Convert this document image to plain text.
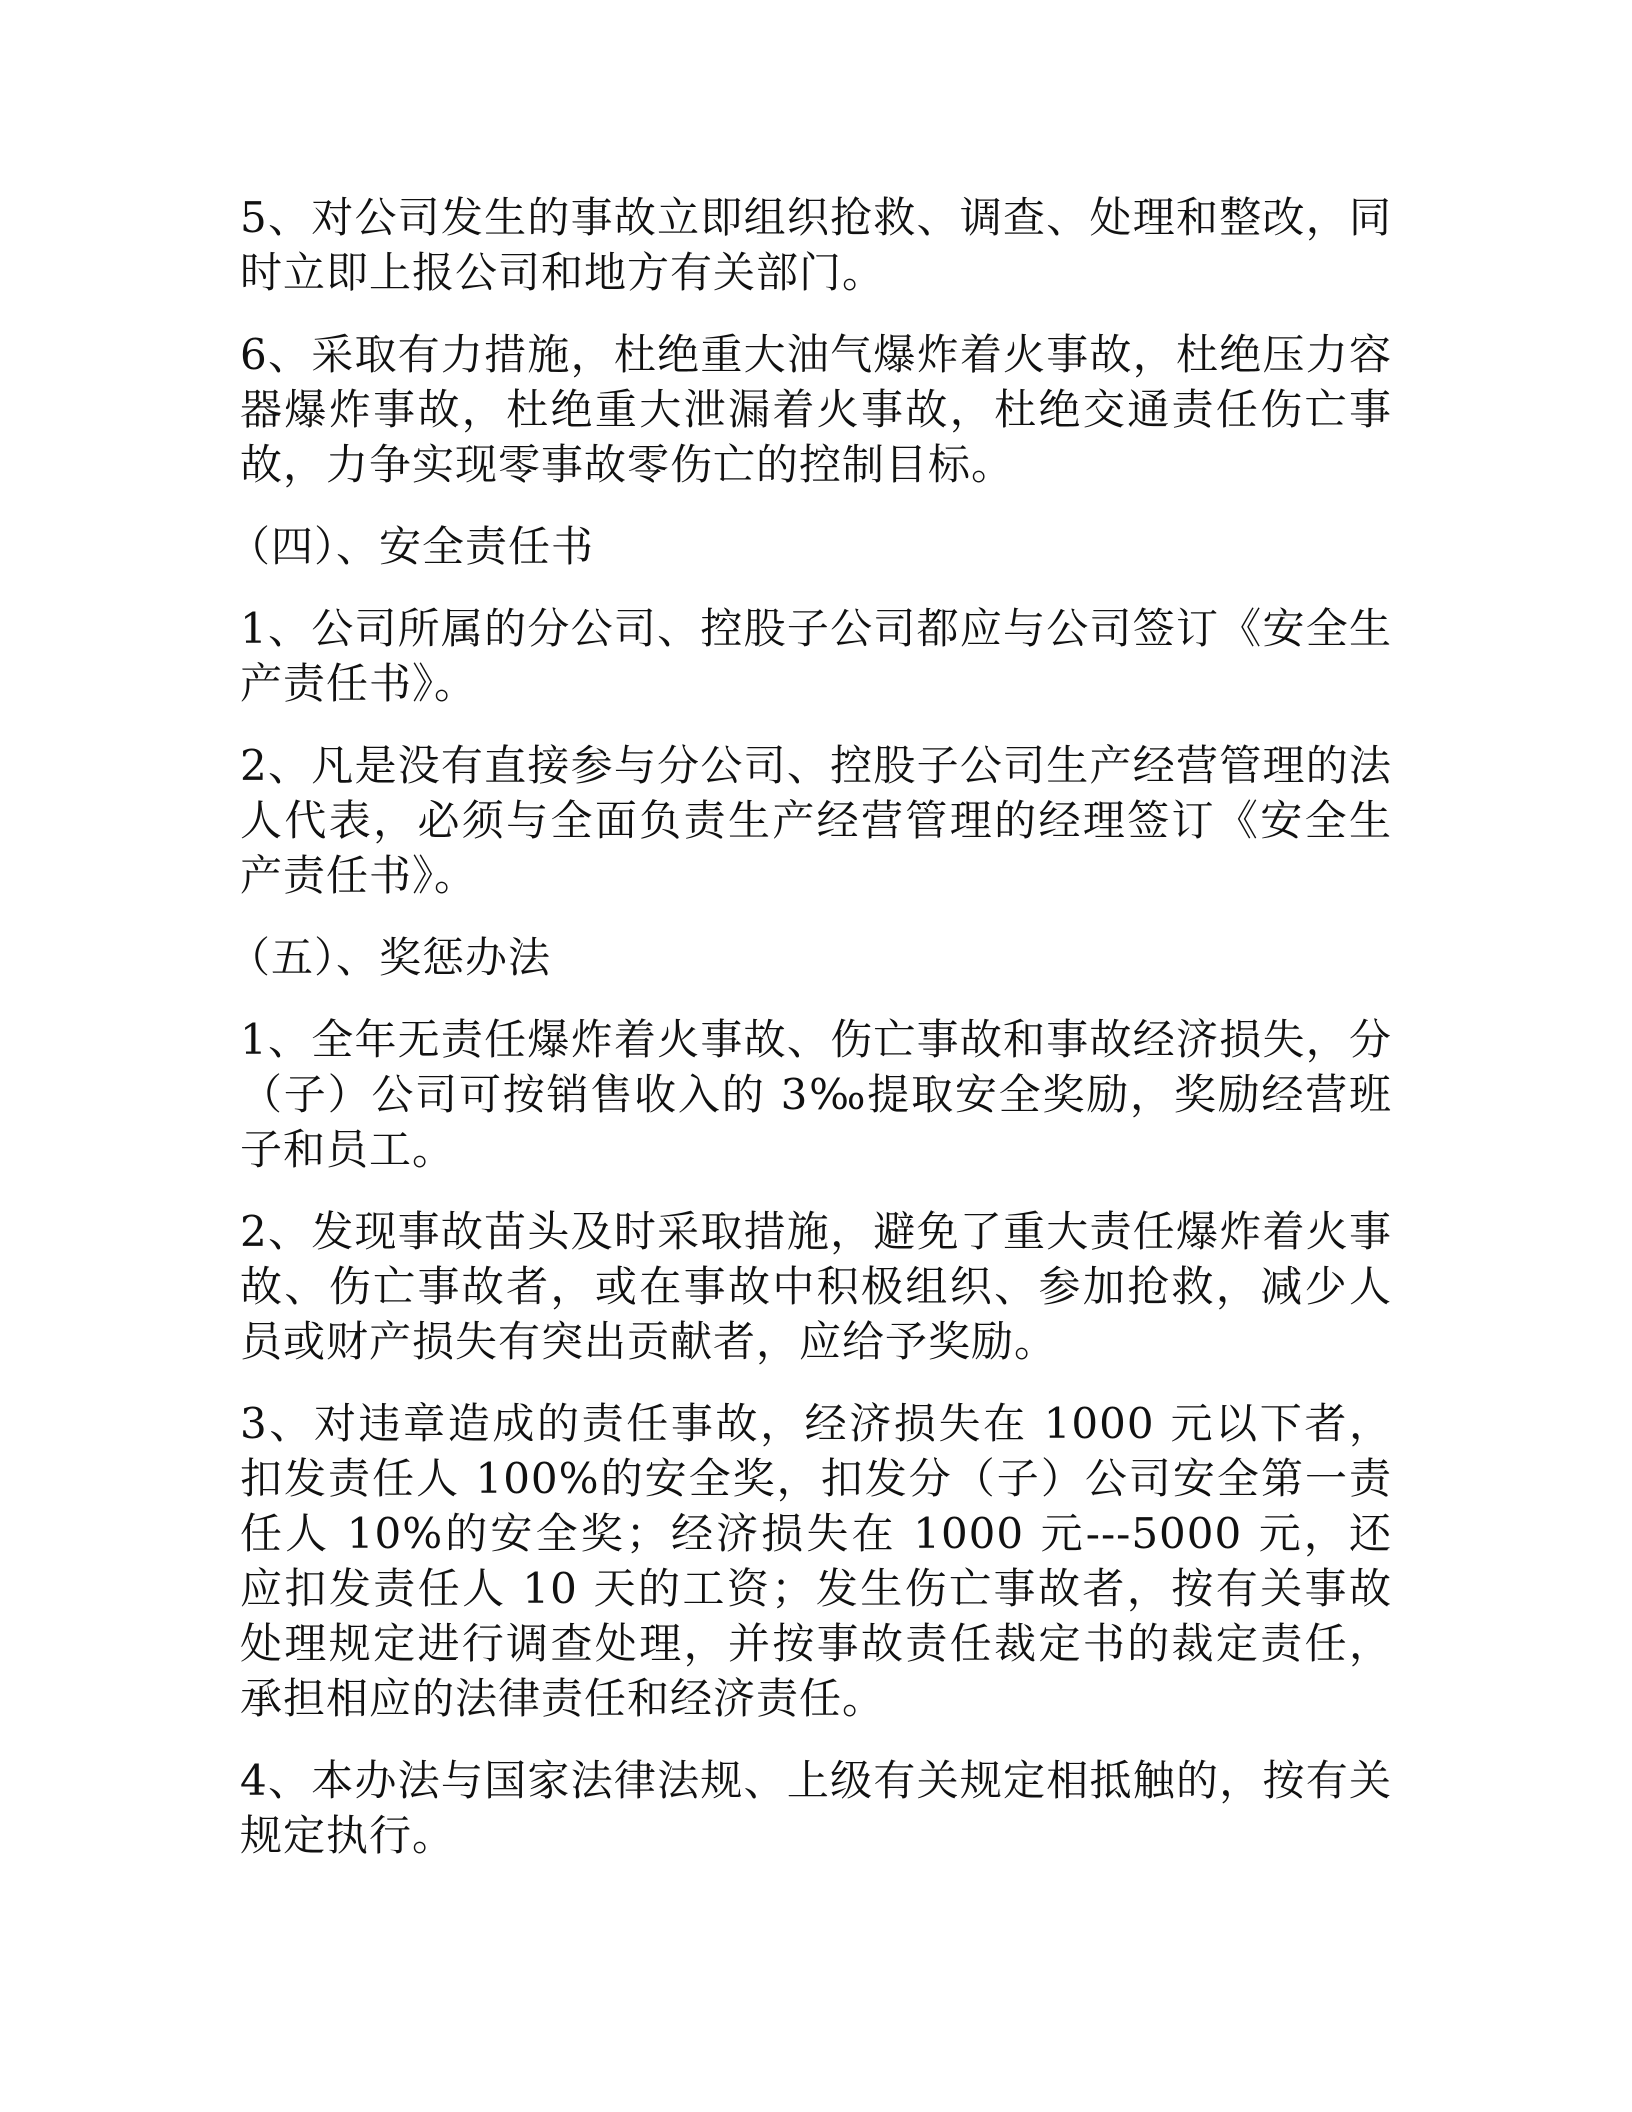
5、对公司发生的事故立即组织抢救、调查、处理和整改，同时立即上报公司和地方有关部门。

6、采取有力措施，杜绝重大油气爆炸着火事故，杜绝压力容器爆炸事故，杜绝重大泄漏着火事故，杜绝交通责任伤亡事故，力争实现零事故零伤亡的控制目标。

（四）、安全责任书

1、公司所属的分公司、控股子公司都应与公司签订《安全生产责任书》。

2、凡是没有直接参与分公司、控股子公司生产经营管理的法人代表，必须与全面负责生产经营管理的经理签订《安全生产责任书》。

（五）、奖惩办法

1、全年无责任爆炸着火事故、伤亡事故和事故经济损失，分（子）公司可按销售收入的 3‰提取安全奖励，奖励经营班子和员工。

2、发现事故苗头及时采取措施，避免了重大责任爆炸着火事故、伤亡事故者，或在事故中积极组织、参加抢救，减少人员或财产损失有突出贡献者，应给予奖励。

3、对违章造成的责任事故，经济损失在 1000 元以下者，扣发责任人 100%的安全奖，扣发分（子）公司安全第一责任人 10%的安全奖；经济损失在 1000 元---5000 元，还应扣发责任人 10 天的工资；发生伤亡事故者，按有关事故处理规定进行调查处理，并按事故责任裁定书的裁定责任，承担相应的法律责任和经济责任。

4、本办法与国家法律法规、上级有关规定相抵触的，按有关规定执行。
